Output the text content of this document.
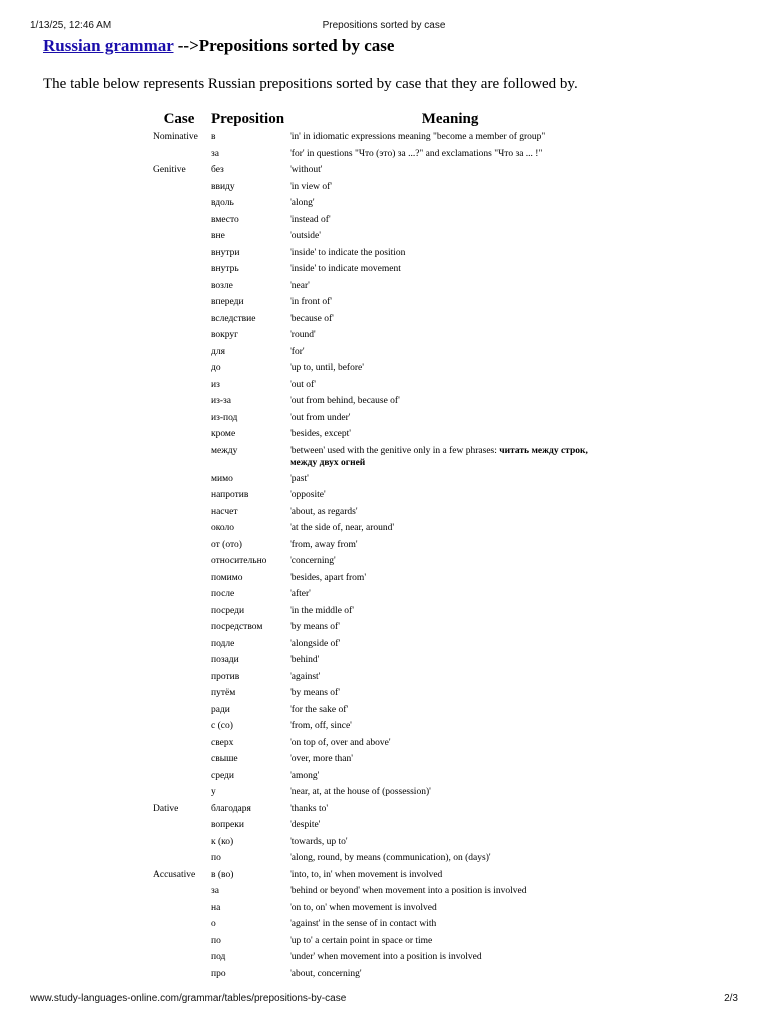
1/13/25, 12:46 AM	Prepositions sorted by case
Russian grammar -->Prepositions sorted by case

The table below represents Russian prepositions sorted by case that they are followed by.

Case	Preposition	Meaning
Nominative	в	'in' in idiomatic expressions meaning "become a member of group"
	за	'for' in questions "Что (это) за ...?" and exclamations "Что за ... !"
Genitive	без	'without'
	ввиду	'in view of'
	вдоль	'along'
	вместо	'instead of'
	вне	'outside'
	внутри	'inside' to indicate the position
	внутрь	'inside' to indicate movement
	возле	'near'
	впереди	'in front of'
	вследствие	'because of'
	вокруг	'round'
	для	'for'
	до	'up to, until, before'
	из	'out of'
	из-за	'out from behind, because of'
	из-под	'out from under'
	кроме	'besides, except'
	между	'between' used with the genitive only in a few phrases: читать между строк, между двух огней
	мимо	'past'
	напротив	'opposite'
	насчет	'about, as regards'
	около	'at the side of, near, around'
	от (ото)	'from, away from'
	относительно	'concerning'
	помимо	'besides, apart from'
	после	'after'
	посреди	'in the middle of'
	посредством	'by means of'
	подле	'alongside of'
	позади	'behind'
	против	'against'
	путём	'by means of'
	ради	'for the sake of'
	с (со)	'from, off, since'
	сверх	'on top of, over and above'
	свыше	'over, more than'
	среди	'among'
	у	'near, at, at the house of (possession)'
Dative	благодаря	'thanks to'
	вопреки	'despite'
	к (ко)	'towards, up to'
	по	'along, round, by means (communication), on (days)'
Accusative	в (во)	'into, to, in' when movement is involved
	за	'behind or beyond' when movement into a position is involved
	на	'on to, on' when movement is involved
	о	'against' in the sense of in contact with
	по	'up to' a certain point in space or time
	под	'under' when movement into a position is involved
	про	'about, concerning'
www.study-languages-online.com/grammar/tables/prepositions-by-case	2/3
